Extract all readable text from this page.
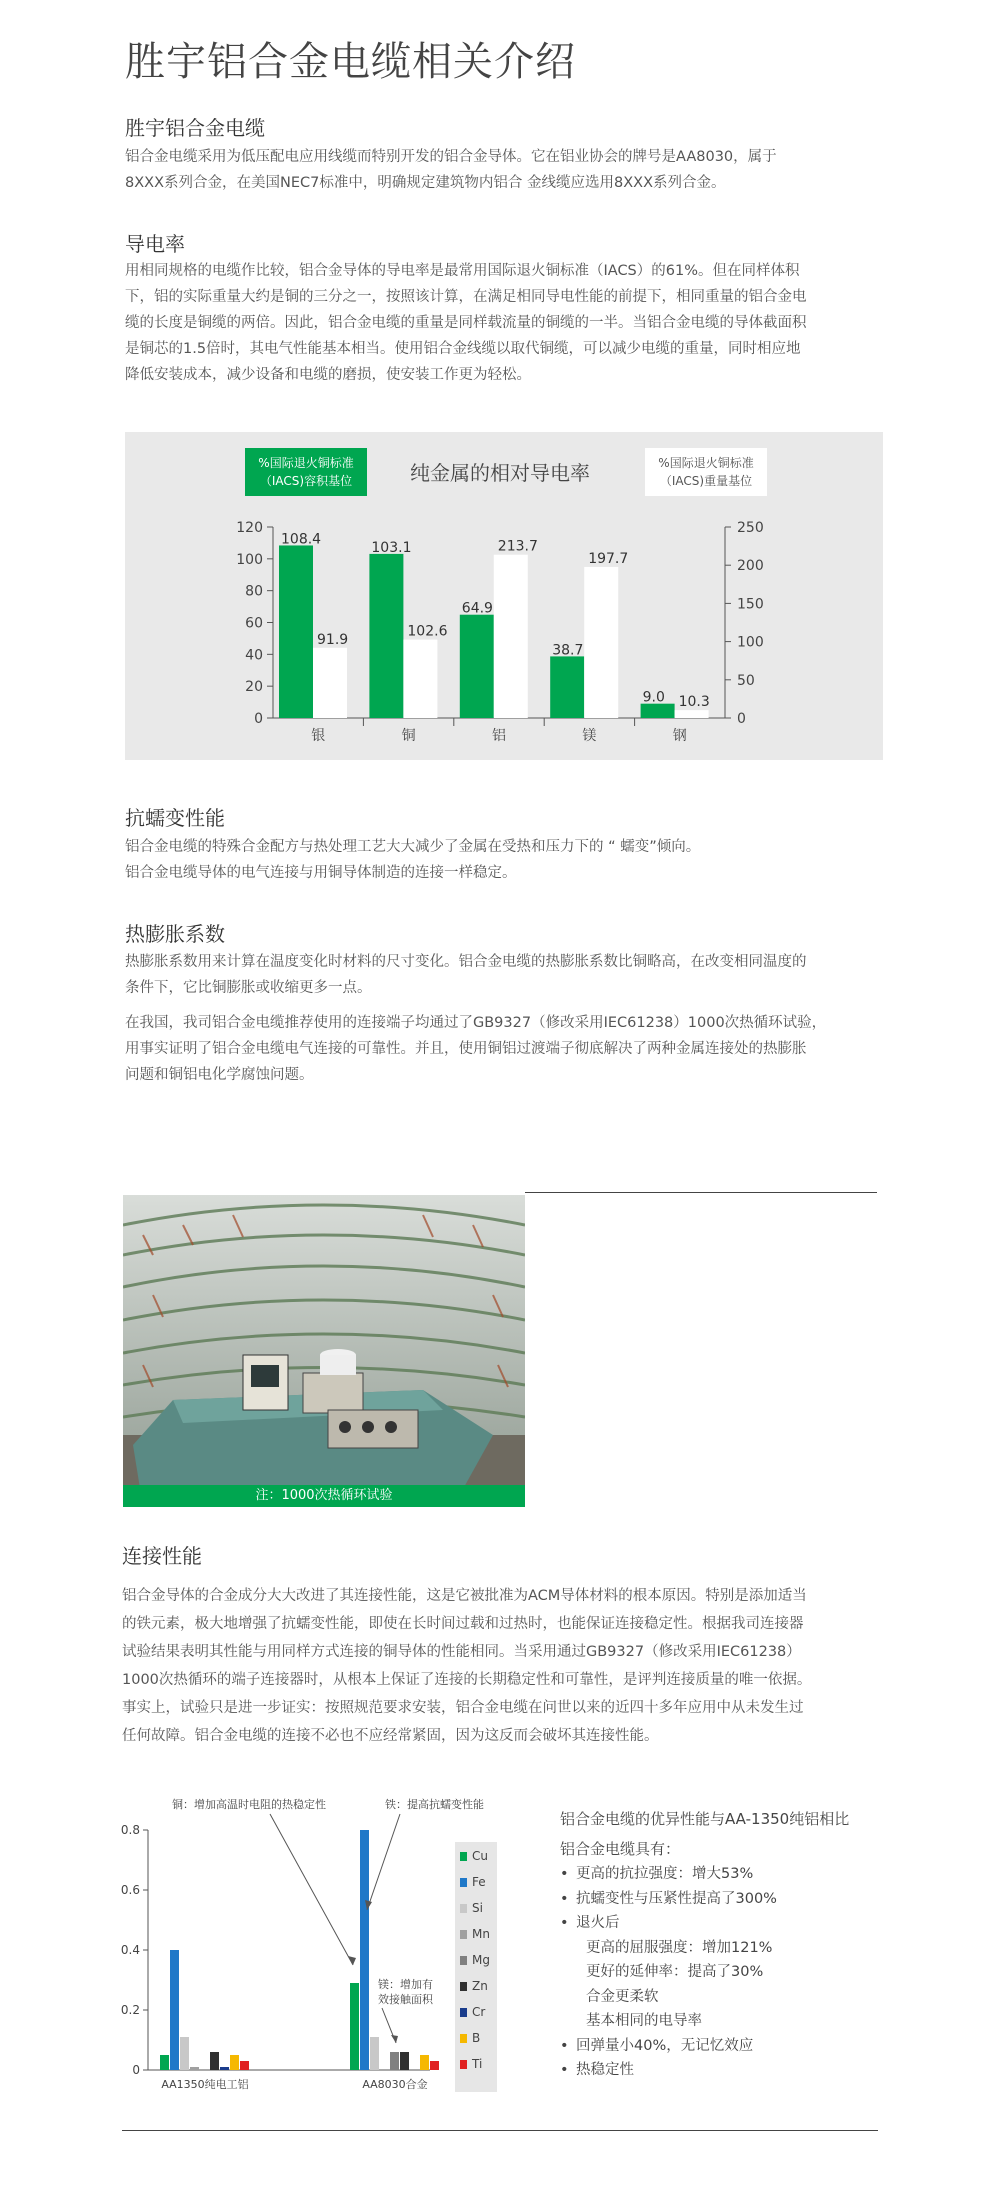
胜宇铝合金电缆相关介绍
胜宇铝合金电缆

铝合金电缆采用为低压配电应用线缆而特别开发的铝合金导体。它在铝业协会的牌号是AA8030，属于
8XXX系列合金，在美国NEC7标准中，明确规定建筑物内铝合 金线缆应选用8XXX系列合金。

导电率

用相同规格的电缆作比较，铝合金导体的导电率是最常用国际退火铜标准（IACS）的61%。但在同样体积
下，铝的实际重量大约是铜的三分之一，按照该计算，在满足相同导电性能的前提下，相同重量的铝合金电
缆的长度是铜缆的两倍。因此，铝合金电缆的重量是同样载流量的铜缆的一半。当铝合金电缆的导体截面积
是铜芯的1.5倍时，其电气性能基本相当。使用铝合金线缆以取代铜缆，可以减少电缆的重量，同时相应地
降低安装成本，减少设备和电缆的磨损，使安装工作更为轻松。

%国际退火铜标准
（IACS)容积基位	纯金属的相对导电率	%国际退火铜标准
（IACS)重量基位
0
20
40
60
80
100
120
0
50
100
150
200
250
银
108.4
91.9
铜
103.1
102.6
铝
64.9
213.7
镁
38.7
197.7
钢
9.0 10.3
抗蠕变性能

铝合金电缆的特殊合金配方与热处理工艺大大减少了金属在受热和压力下的 “ 蠕变”倾向。
铝合金电缆导体的电气连接与用铜导体制造的连接一样稳定。

热膨胀系数

热膨胀系数用来计算在温度变化时材料的尺寸变化。铝合金电缆的热膨胀系数比铜略高，在改变相同温度的
条件下，它比铜膨胀或收缩更多一点。

在我国，我司铝合金电缆推荐使用的连接端子均通过了GB9327（修改采用IEC61238）1000次热循环试验，
用事实证明了铝合金电缆电气连接的可靠性。并且，使用铜铝过渡端子彻底解决了两种金属连接处的热膨胀
问题和铜铝电化学腐蚀问题。

注：1000次热循环试验
连接性能

铝合金导体的合金成分大大改进了其连接性能，这是它被批准为ACM导体材料的根本原因。特别是添加适当
的铁元素，极大地增强了抗蠕变性能，即使在长时间过载和过热时，也能保证连接稳定性。根据我司连接器
试验结果表明其性能与用同样方式连接的铜导体的性能相同。当采用通过GB9327（修改采用IEC61238）
1000次热循环的端子连接器时，从根本上保证了连接的长期稳定性和可靠性，是评判连接质量的唯一依据。
事实上，试验只是进一步证实：按照规范要求安装，铝合金电缆在问世以来的近四十多年应用中从未发生过
任何故障。铝合金电缆的连接不必也不应经常紧固，因为这反而会破坏其连接性能。

0
0.2
0.4
0.6
0.8
AA1350纯电工铝	AA8030合金
Cu
Fe
Si
Mn
Mg
Zn
Cr
B
Ti
铜：增加高温时电阻的热稳定性	铁：提高抗蠕变性能
镁：增加有
效接触面积
铝合金电缆的优异性能与AA-1350纯铝相比
铝合金电缆具有：
• 更高的抗拉强度：增大53%
• 抗蠕变性与压紧性提高了300%
• 退火后
更高的屈服强度：增加121%
更好的延伸率：提高了30%
合金更柔软
基本相同的电导率
• 回弹量小40%，无记忆效应
• 热稳定性
